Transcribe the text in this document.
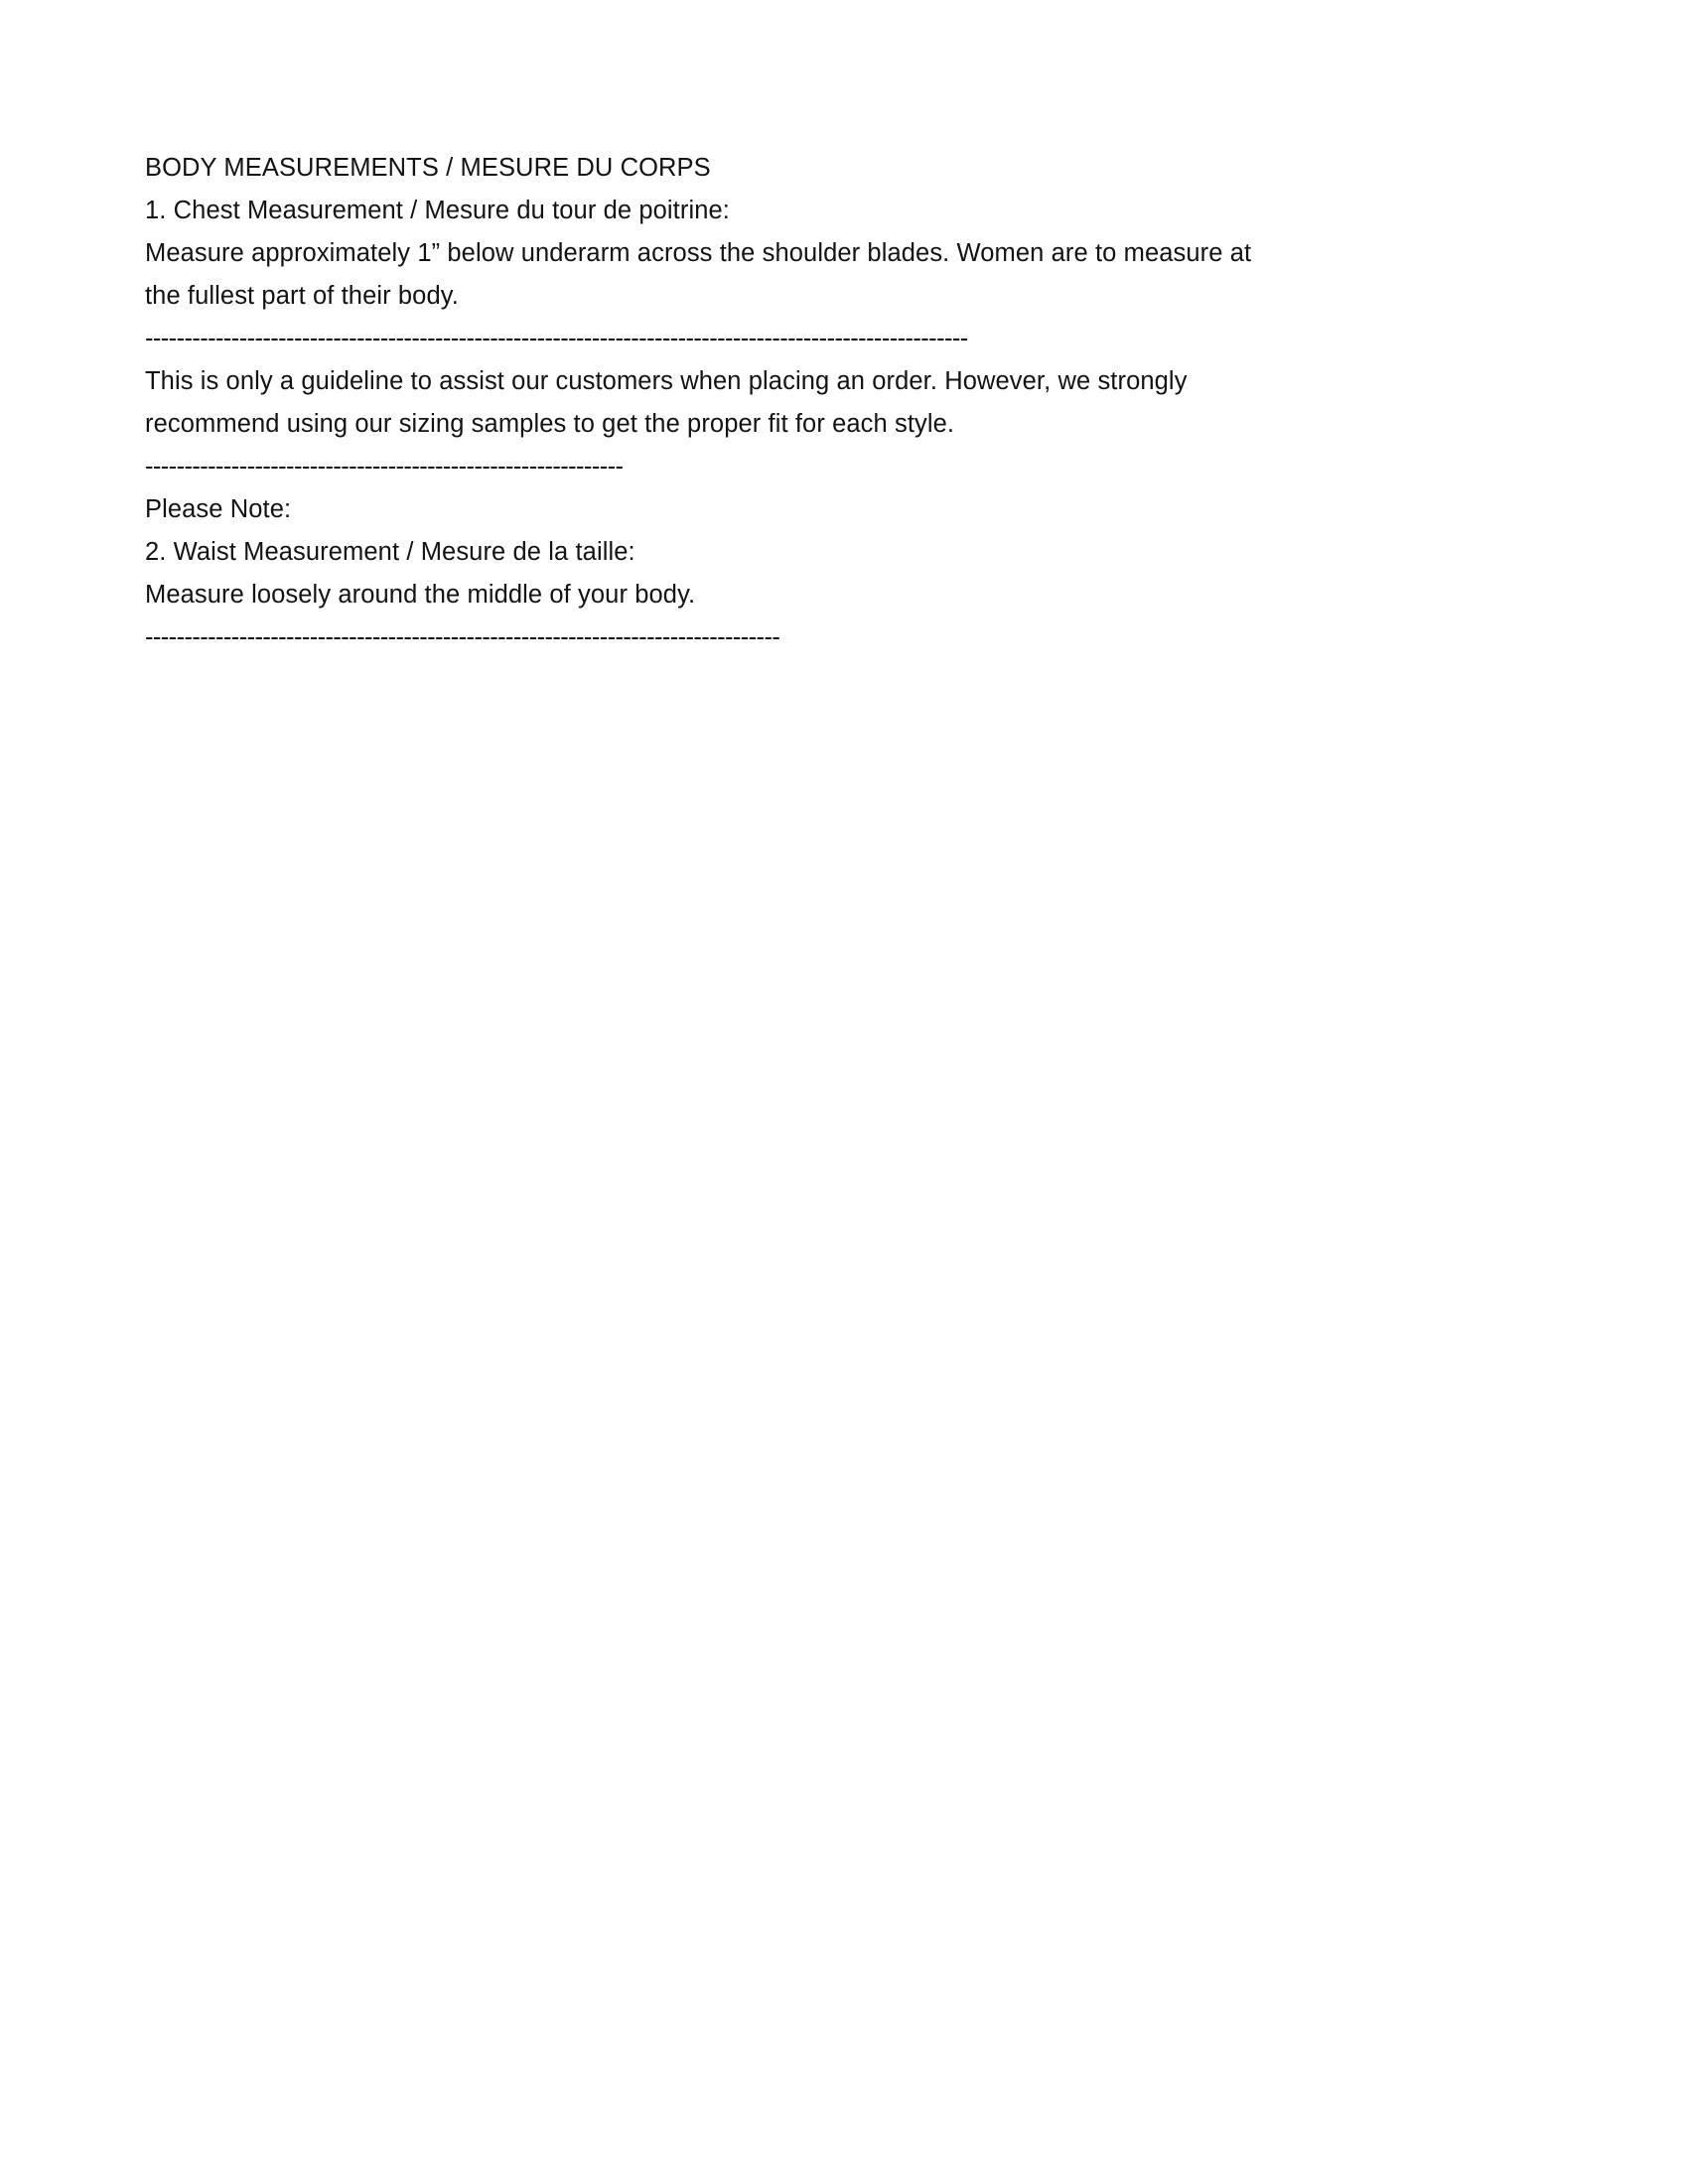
BODY MEASUREMENTS / MESURE DU CORPS
1. Chest Measurement / Mesure du tour de poitrine:
Measure approximately 1” below underarm across the shoulder blades. Women are to measure at the fullest part of their body.
---------------------------------------------------------------------------------------------------------
This is only a guideline to assist our customers when placing an order. However, we strongly recommend using our sizing samples to get the proper fit for each style.
-------------------------------------------------------------
Please Note:
2. Waist Measurement / Mesure de la taille:
Measure loosely around the middle of your body.
---------------------------------------------------------------------------------
